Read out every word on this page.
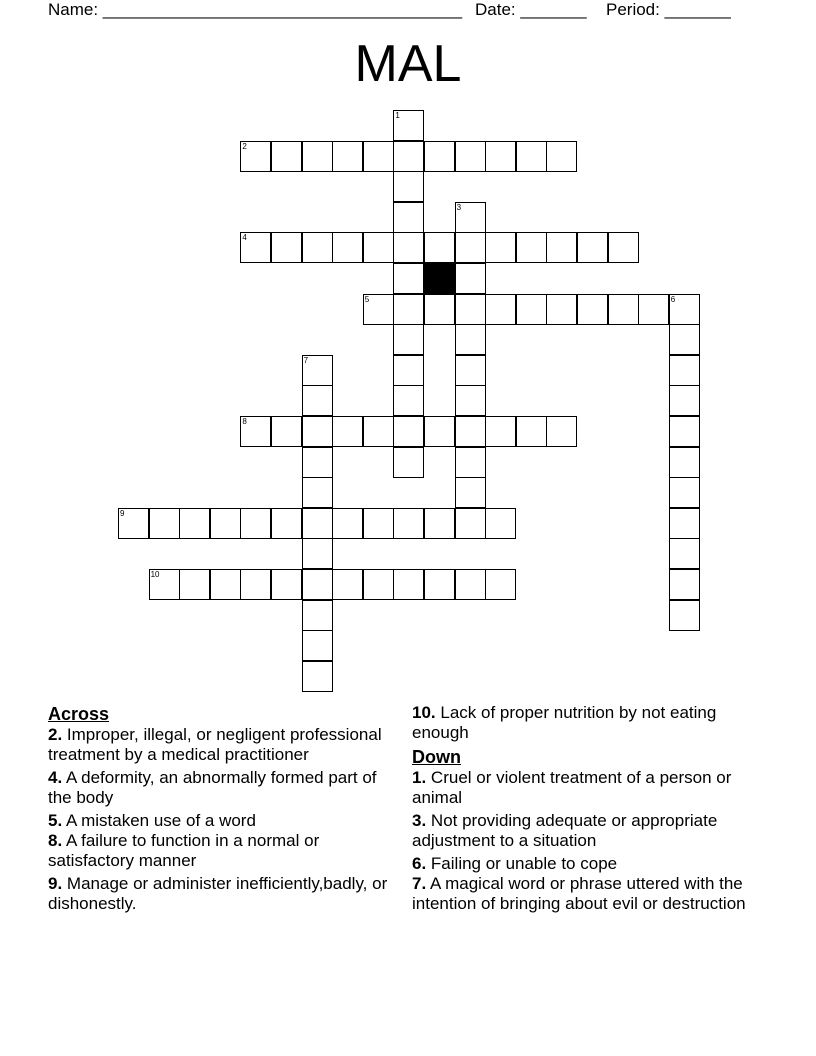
Name: ______________________________________ Date: _______ Period: _______
MAL
1
2
3
4
5	6
7
8
9
10
Across
2. Improper, illegal, or negligent professional treatment by a medical practitioner
4. A deformity, an abnormally formed part of the body
5. A mistaken use of a word
8. A failure to function in a normal or satisfactory manner
9. Manage or administer inefficiently,badly, or dishonestly.
10. Lack of proper nutrition by not eating enough
Down
1. Cruel or violent treatment of a person or animal
3. Not providing adequate or appropriate adjustment to a situation
6. Failing or unable to cope
7. A magical word or phrase uttered with the intention of bringing about evil or destruction
